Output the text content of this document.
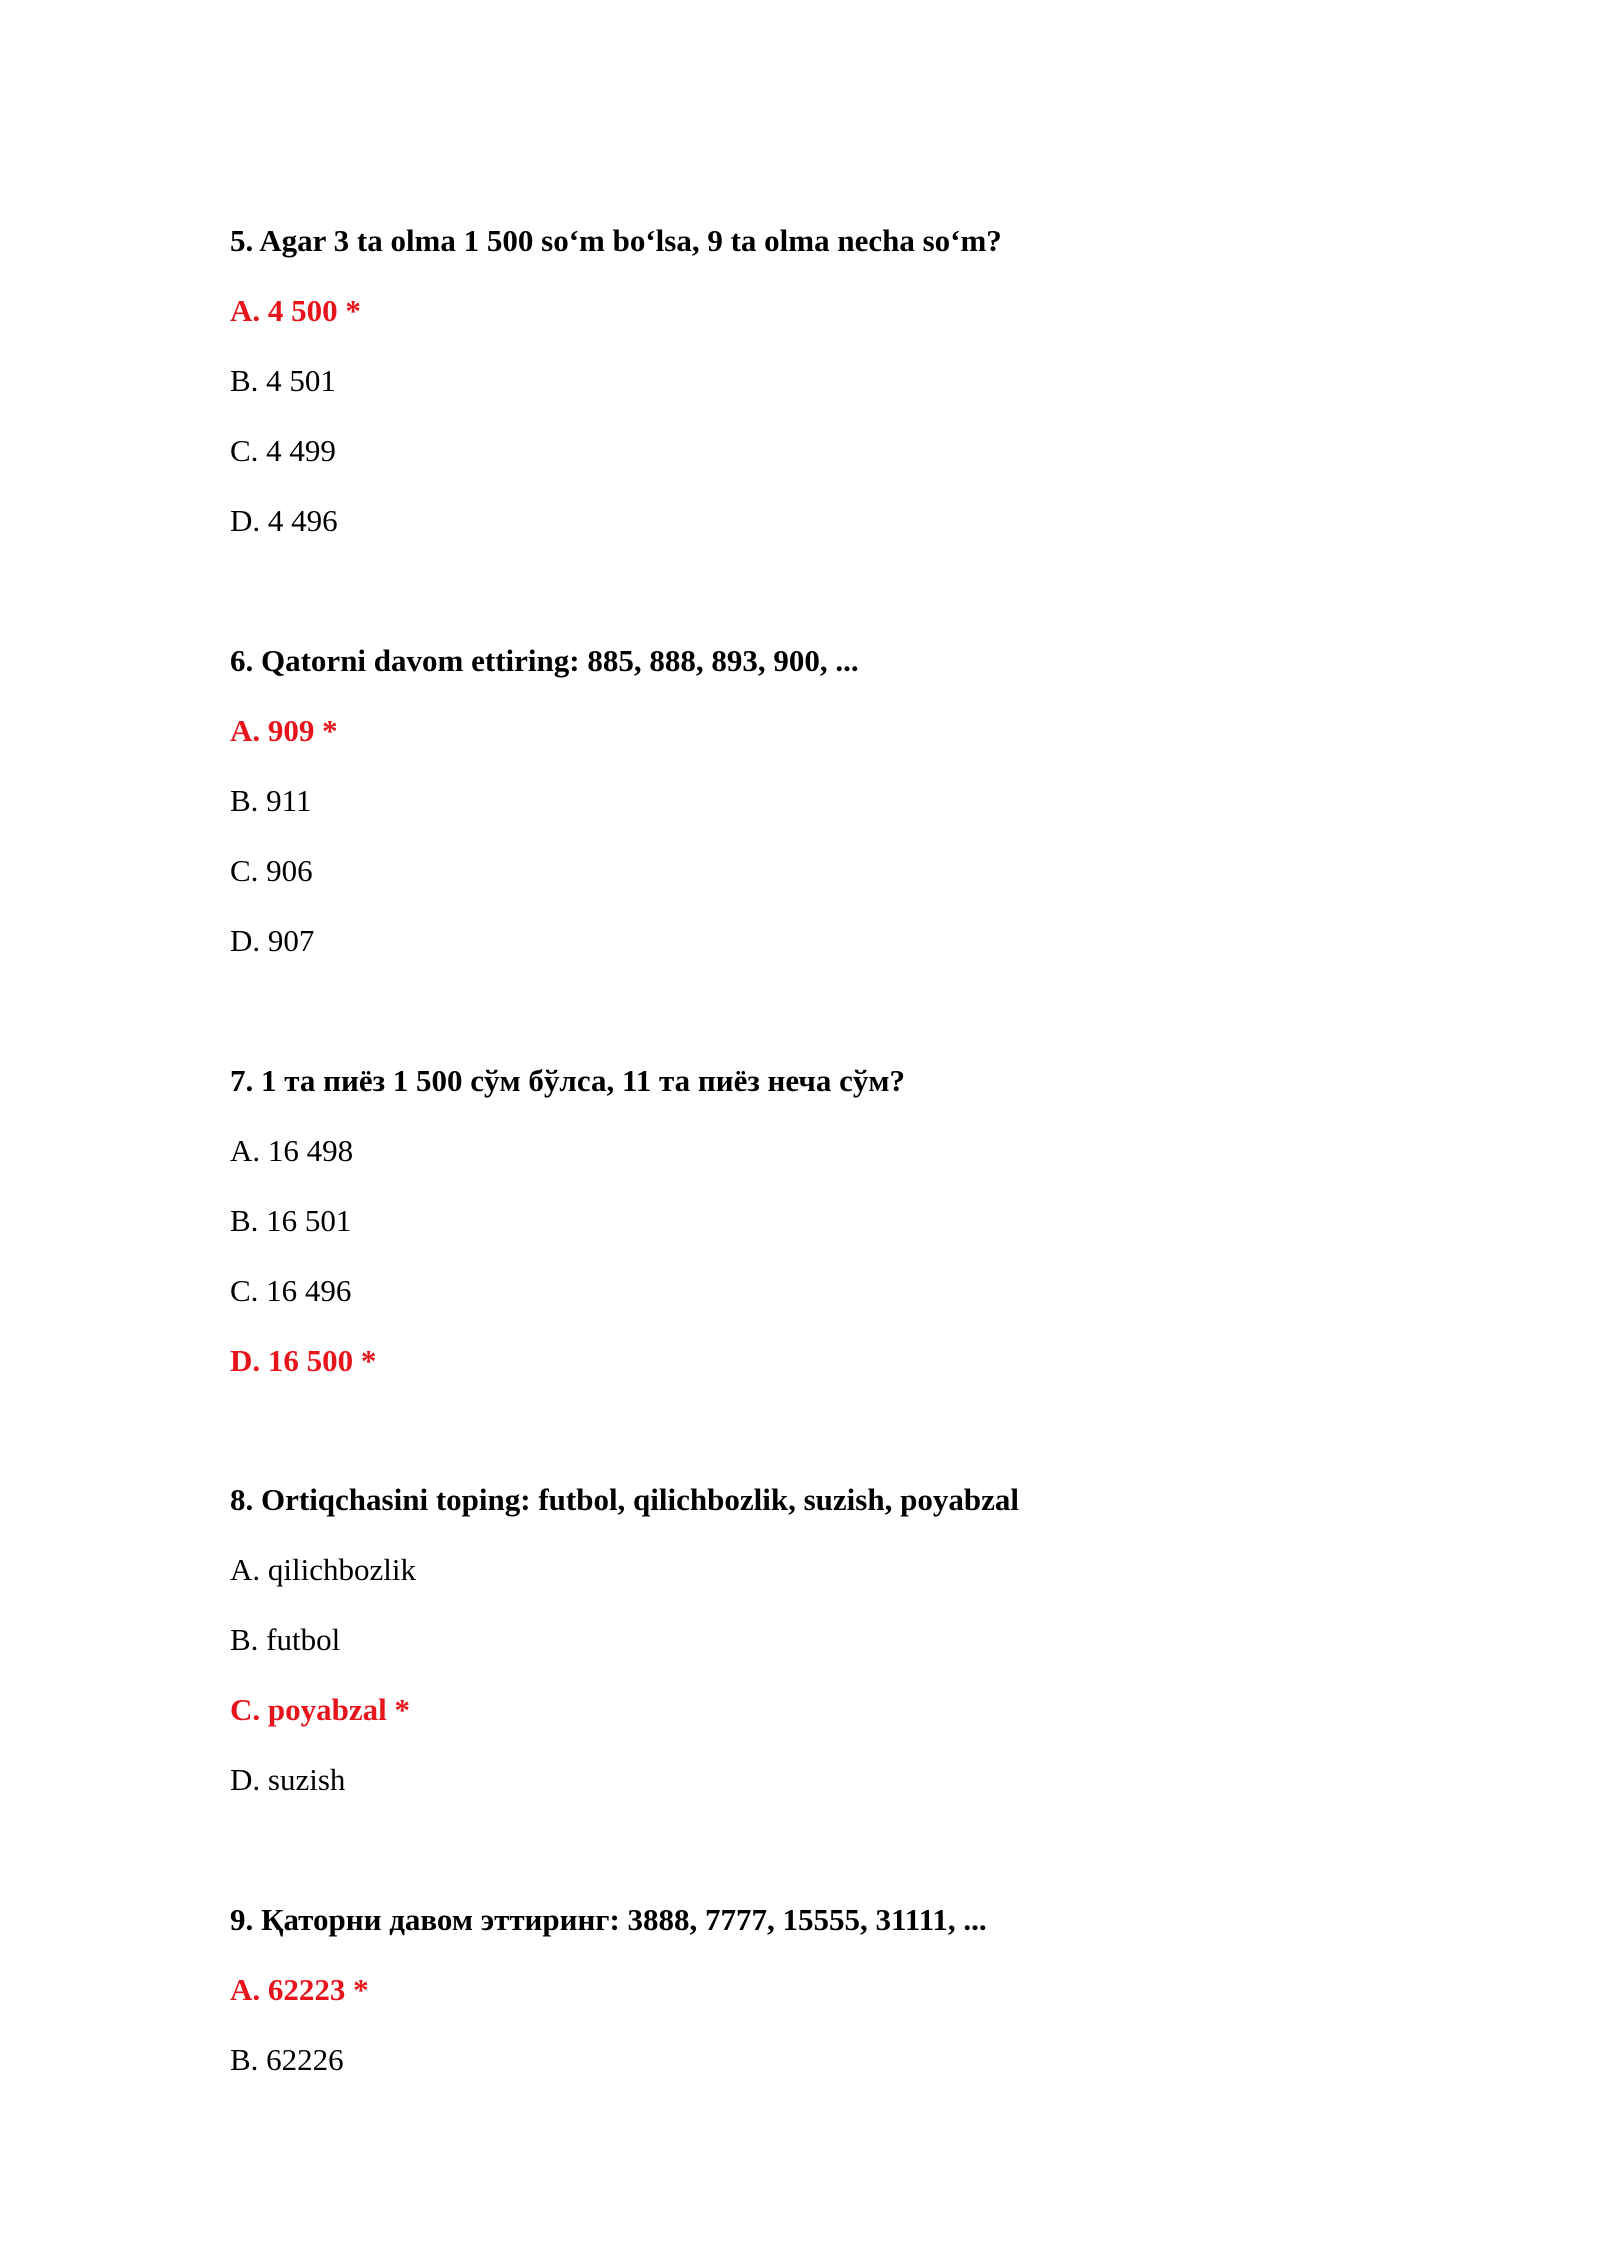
5. Agar 3 ta olma 1 500 so‘m bo‘lsa, 9 ta olma necha so‘m?
A. 4 500 *
B. 4 501
C. 4 499
D. 4 496
6. Qatorni davom ettiring: 885, 888, 893, 900, ...
A. 909 *
B. 911
C. 906
D. 907
7. 1 та пиёз 1 500 сўм бўлса, 11 та пиёз неча сўм?
A. 16 498
B. 16 501
C. 16 496
D. 16 500 *
8. Ortiqchasini toping: futbol, qilichbozlik, suzish, poyabzal
A. qilichbozlik
B. futbol
C. poyabzal *
D. suzish
9. Қаторни давом эттиринг: 3888, 7777, 15555, 31111, ...
A. 62223 *
B. 62226
